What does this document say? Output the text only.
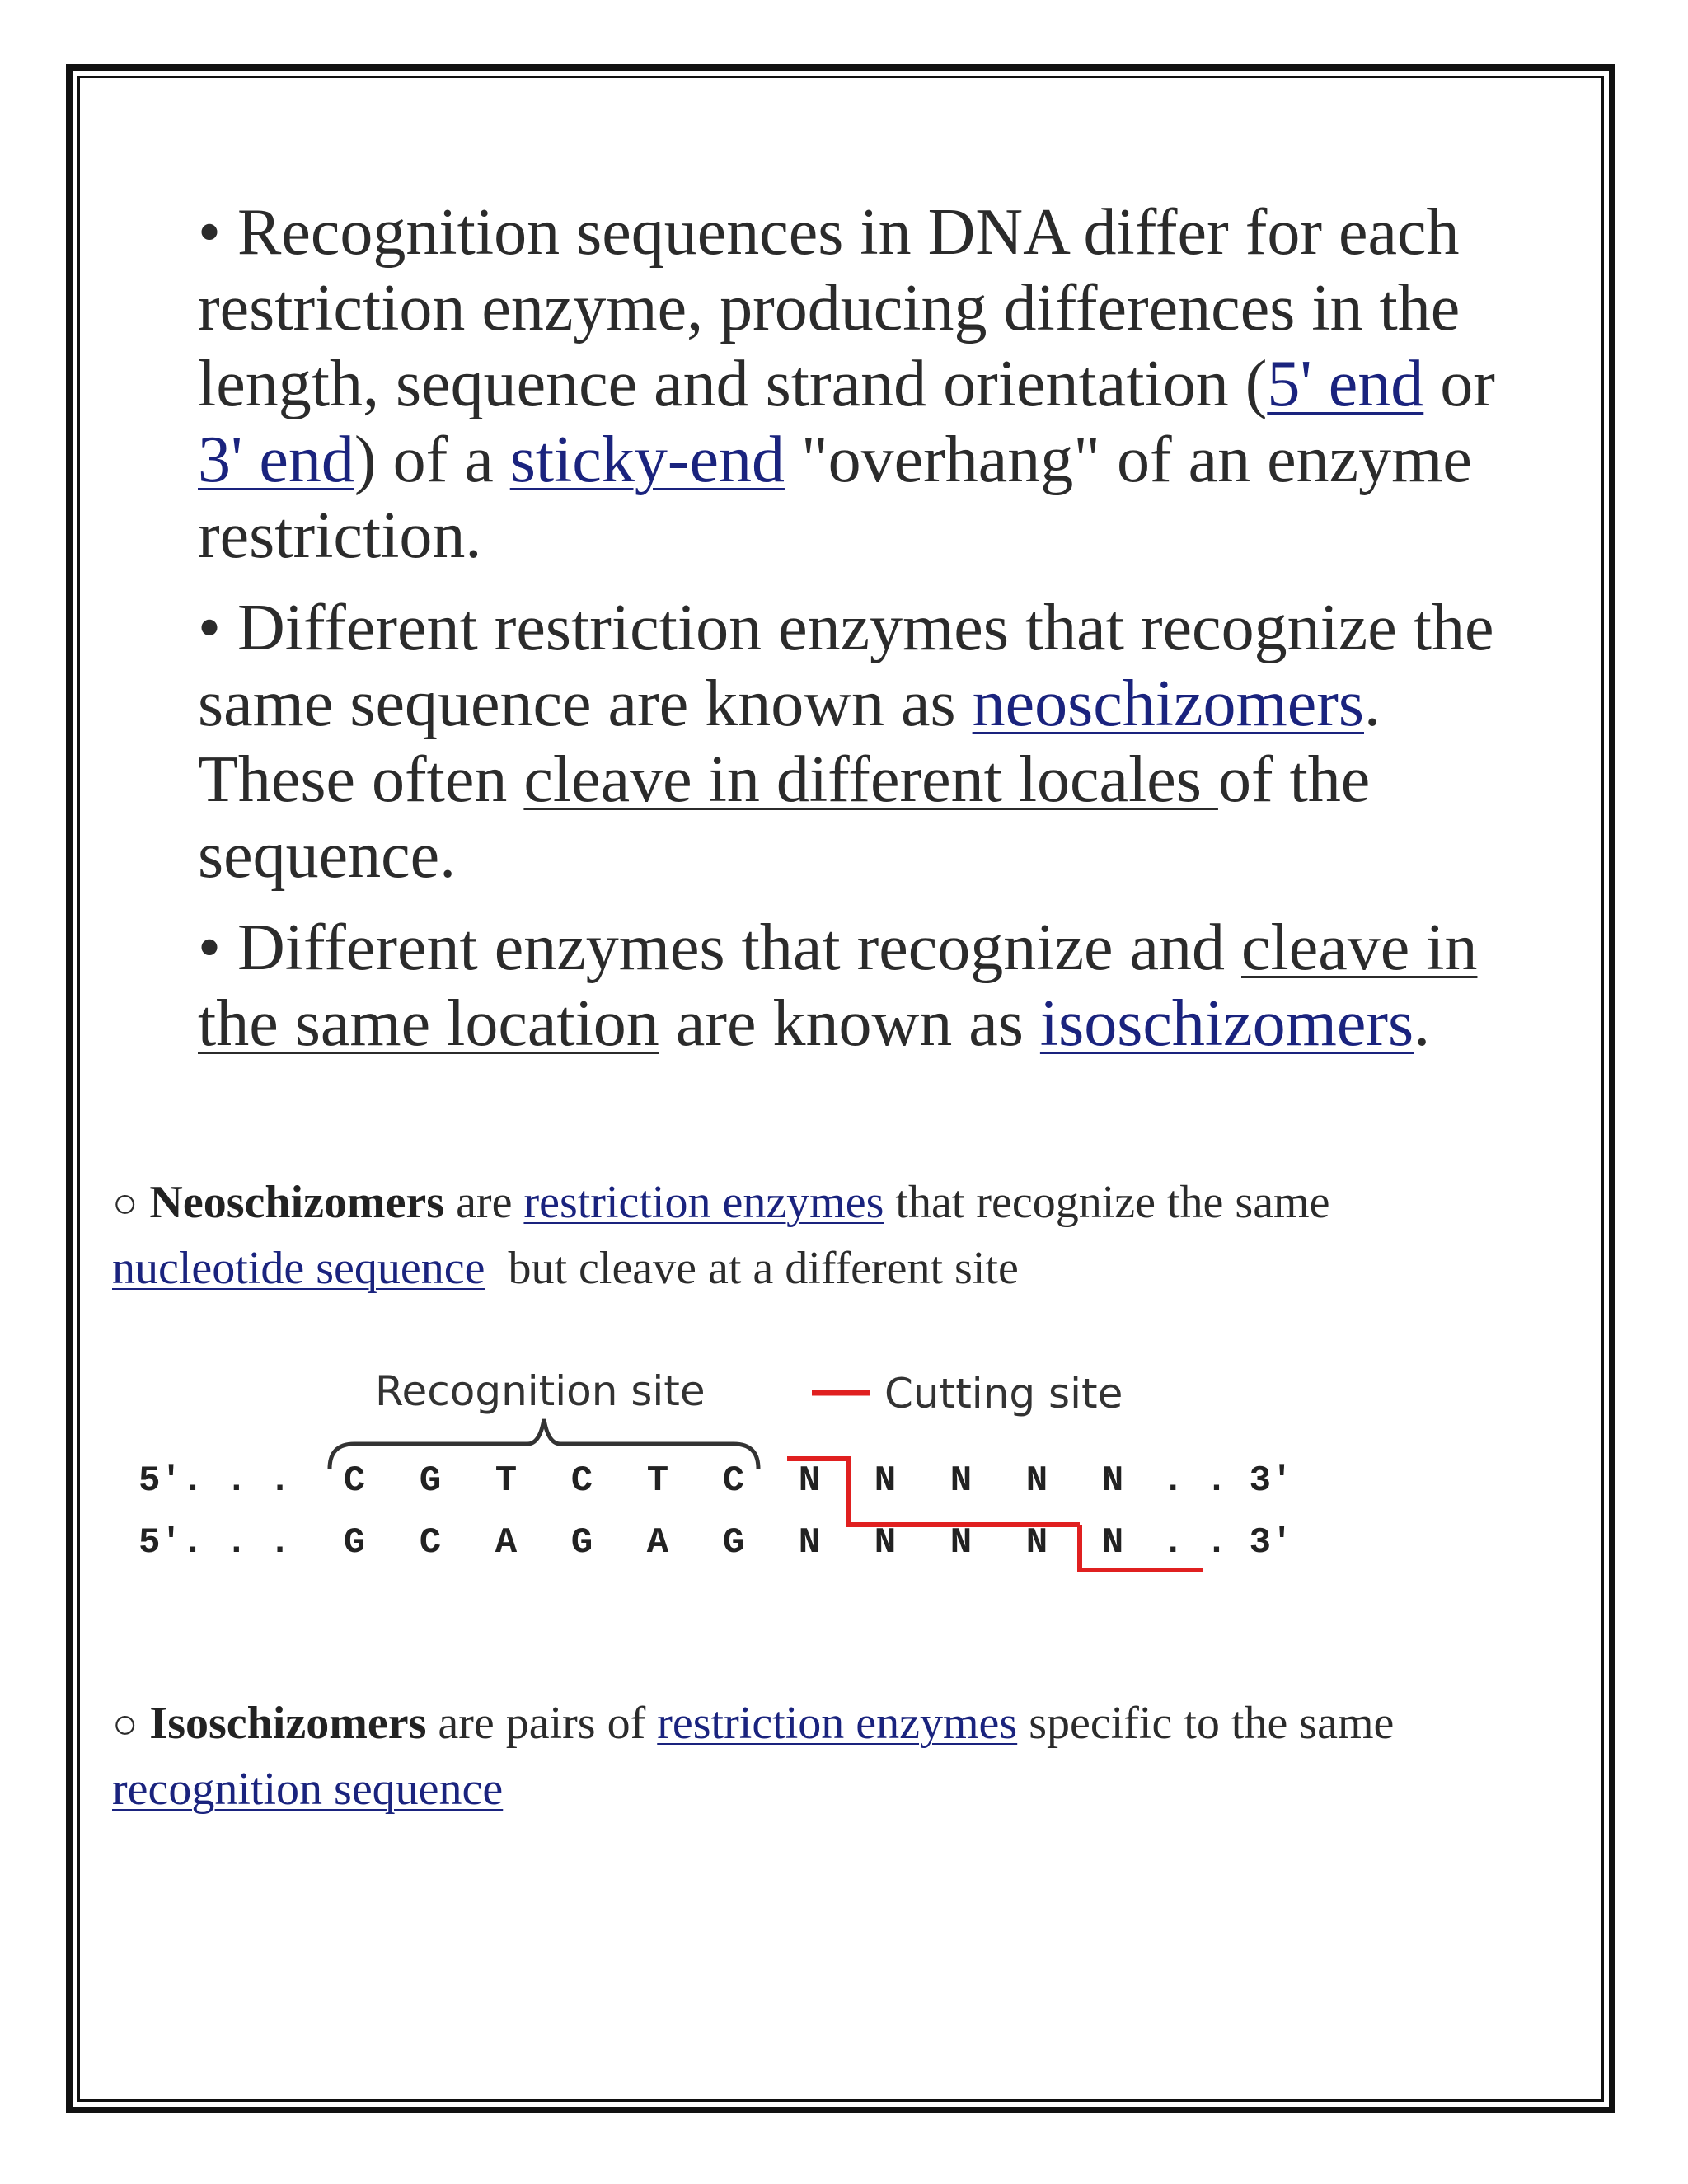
• Recognition sequences in DNA differ for each restriction enzyme, producing differences in the length, sequence and strand orientation (5' end or 3' end) of a sticky-end "overhang" of an enzyme restriction.

• Different restriction enzymes that recognize the same sequence are known as neoschizomers. These often cleave in different locales of the sequence.

• Different enzymes that recognize and cleave in the same location are known as isoschizomers.

○ Neoschizomers are restriction enzymes that recognize the same nucleotide sequence  but cleave at a different site
Recognition site	Cutting site
5'. . .
5'. . .
C G T C T C N N N N N
G C A G A G N N N N N
. . 3'
. . 3'
○ Isoschizomers are pairs of restriction enzymes specific to the same recognition sequence
